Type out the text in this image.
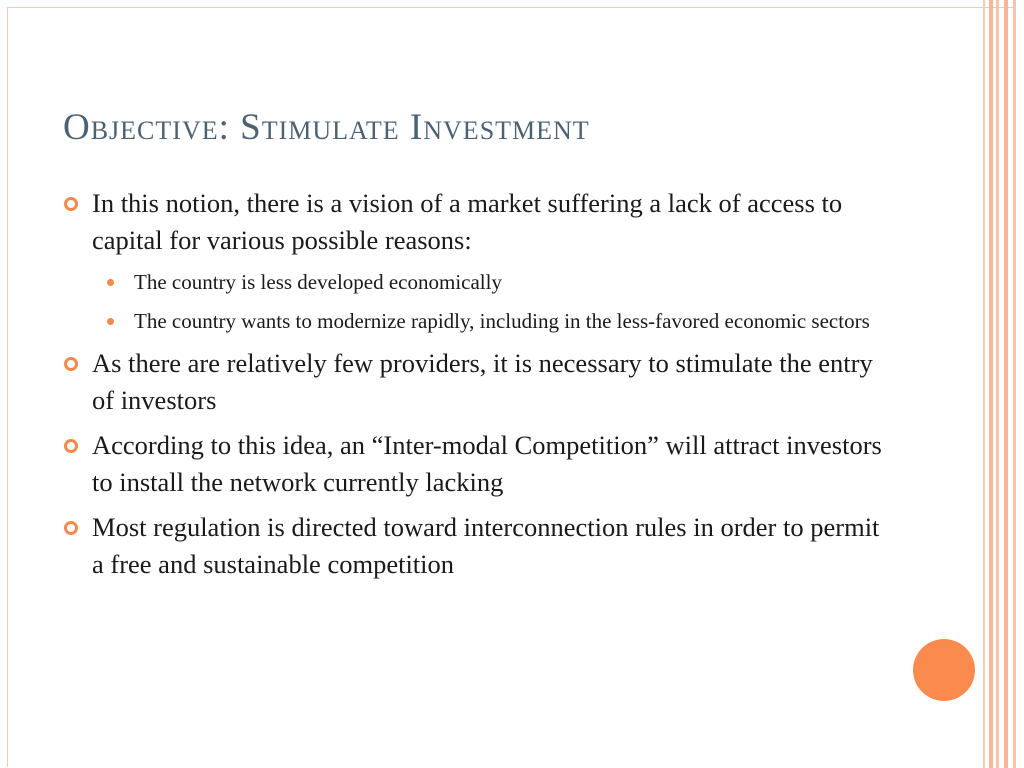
Objective: Stimulate Investment
In this notion, there is a vision of a market suffering a lack of access to capital for various possible reasons:
The country is less developed economically
The country wants to modernize rapidly, including in the less-favored economic sectors
As there are relatively few providers, it is necessary to stimulate the entry of investors
According to this idea, an “Inter-modal Competition” will attract investors to install the network currently lacking
Most regulation is directed toward interconnection rules in order to permit a free and sustainable competition
